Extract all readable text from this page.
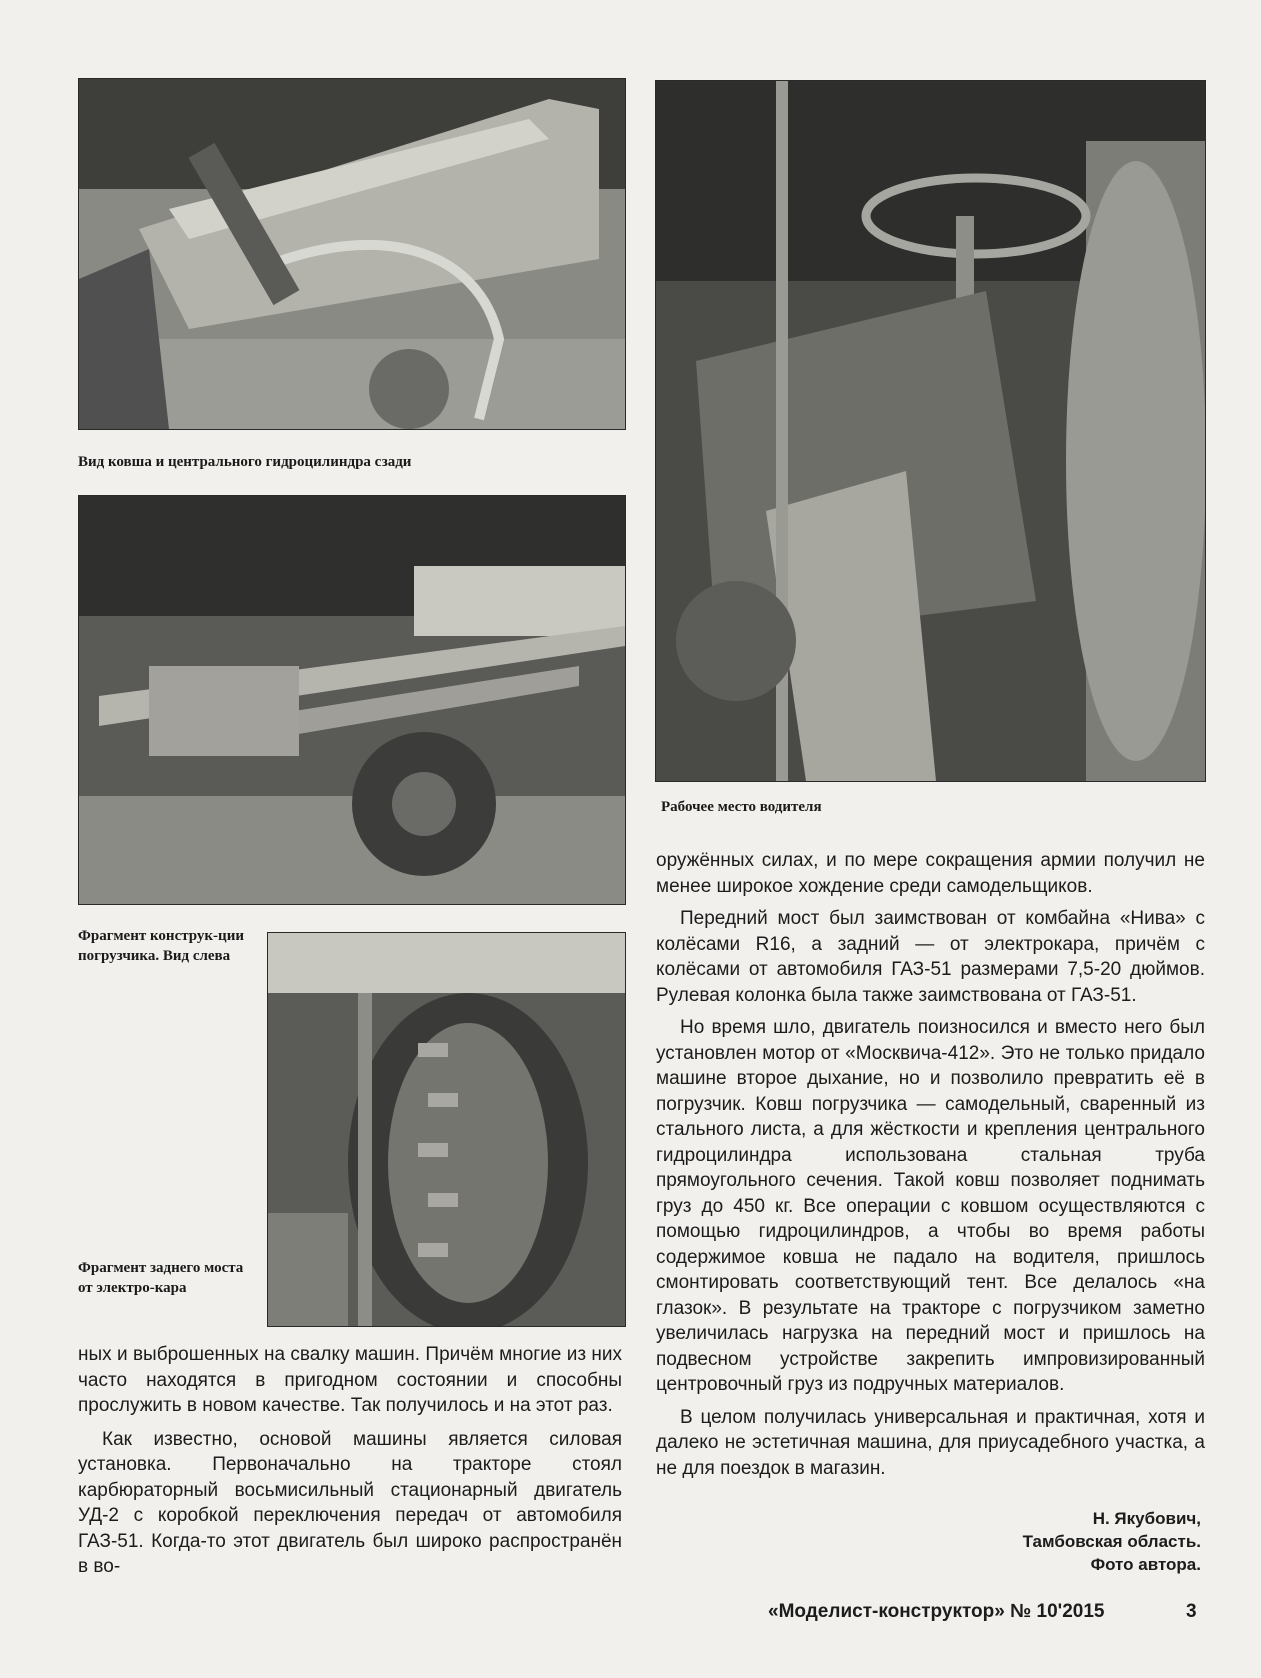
Вид ковша и центрального гидроцилиндра сзади

Рабочее место водителя

Фрагмент конструк-ции погрузчика. Вид слева

Фрагмент заднего моста от электро-кара

ных и выброшенных на свалку машин. Причём многие из них часто находятся в пригодном состоянии и способны прослужить в новом качестве. Так получилось и на этот раз.

Как известно, основой машины является силовая установка. Первоначально на тракторе стоял карбюраторный восьмисильный стационарный двигатель УД-2 с коробкой переключения передач от автомобиля ГАЗ-51. Когда-то этот двигатель был широко распространён в во-

оружённых силах, и по мере сокращения армии получил не менее широкое хождение среди самодельщиков.

Передний мост был заимствован от комбайна «Нива» с колёсами R16, а задний — от электрокара, причём с колёсами от автомобиля ГАЗ-51 размерами 7,5-20 дюймов. Рулевая колонка была также заимствована от ГАЗ-51.

Но время шло, двигатель поизносился и вместо него был установлен мотор от «Москвича-412». Это не только придало машине второе дыхание, но и позволило превратить её в погрузчик. Ковш погрузчика — самодельный, сваренный из стального листа, а для жёсткости и крепления центрального гидроцилиндра использована стальная труба прямоугольного сечения. Такой ковш позволяет поднимать груз до 450 кг. Все операции с ковшом осуществляются с помощью гидроцилиндров, а чтобы во время работы содержимое ковша не падало на водителя, пришлось смонтировать соответствующий тент. Все делалось «на глазок». В результате на тракторе с погрузчиком заметно увеличилась нагрузка на передний мост и пришлось на подвесном устройстве закрепить импровизированный центровочный груз из подручных материалов.

В целом получилась универсальная и практичная, хотя и далеко не эстетичная машина, для приусадебного участка, а не для поездок в магазин.

Н. Якубович,
Тамбовская область.
Фото автора.
«Моделист-конструктор» № 10'2015	3
